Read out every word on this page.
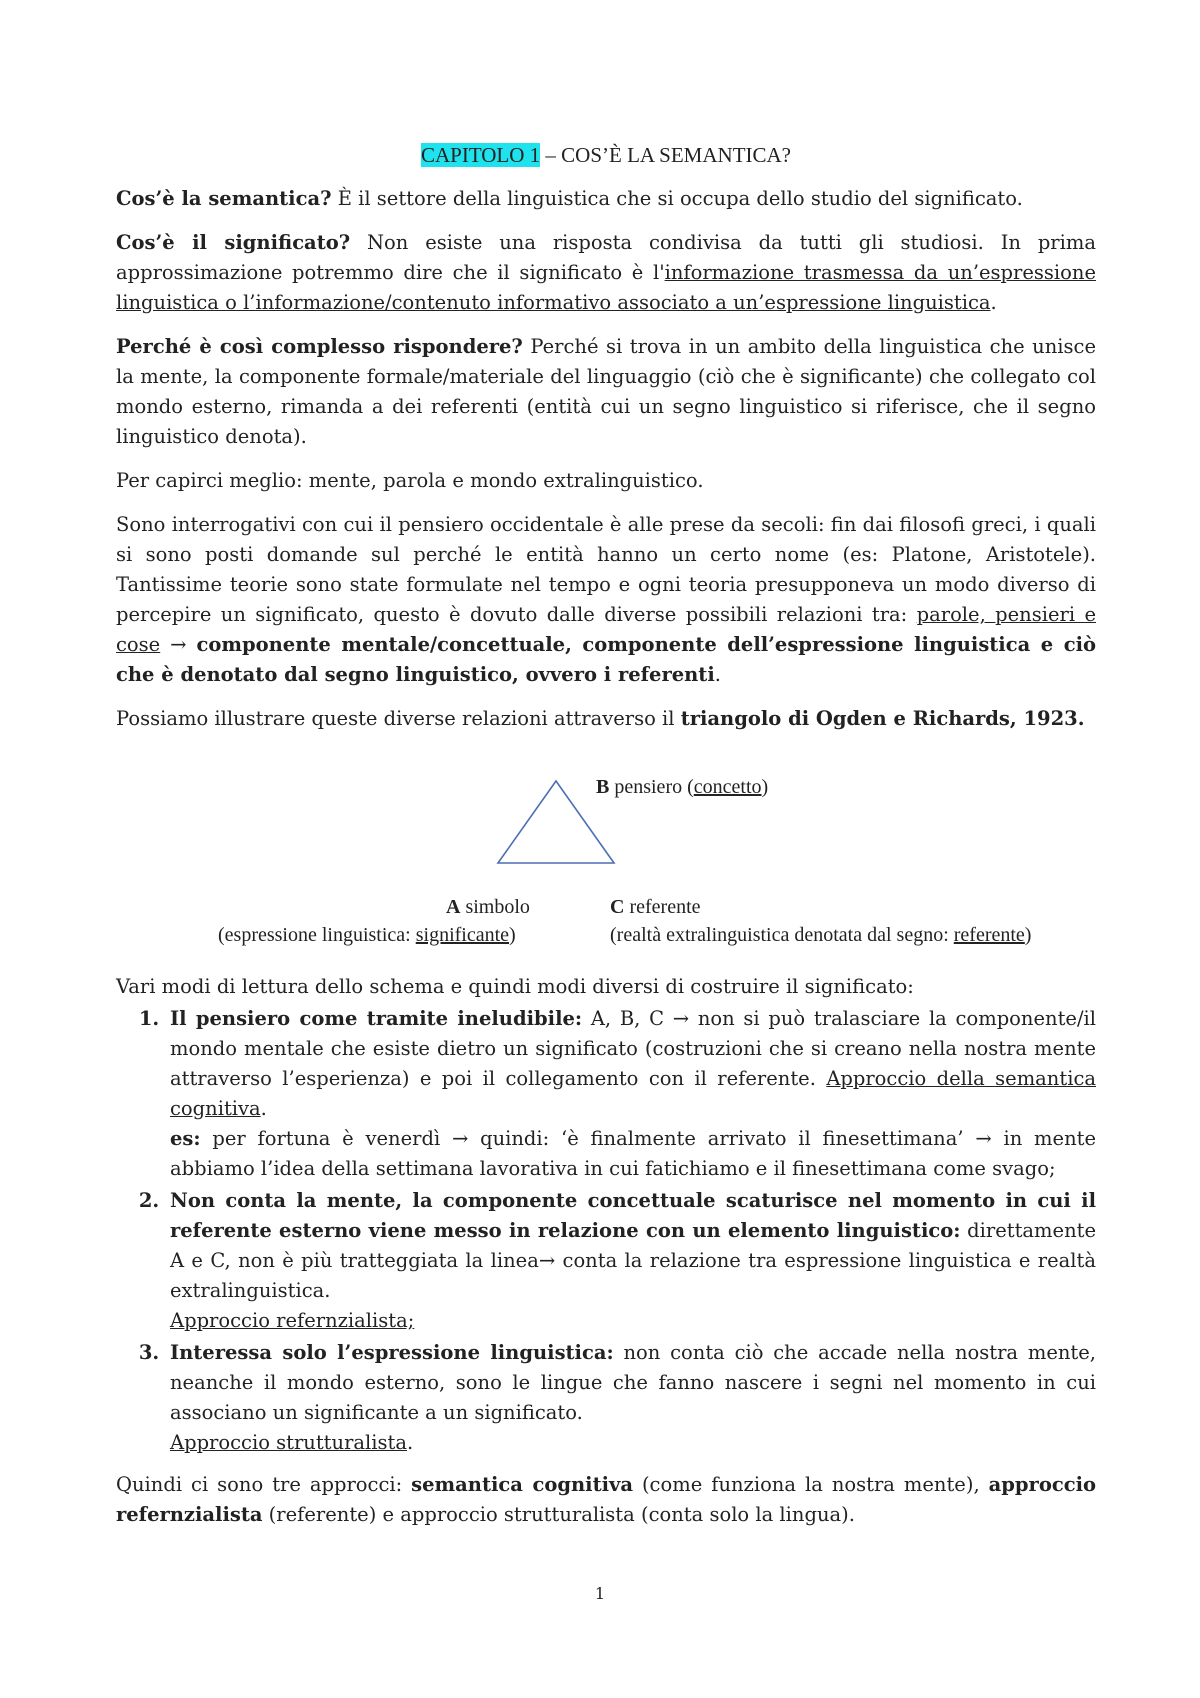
CAPITOLO 1 – COS’È LA SEMANTICA?

Cos’è la semantica? È il settore della linguistica che si occupa dello studio del significato.

Cos’è il significato? Non esiste una risposta condivisa da tutti gli studiosi. In prima approssimazione potremmo dire che il significato è l'informazione trasmessa da un’espressione linguistica o l’informazione/contenuto informativo associato a un’espressione linguistica.

Perché è così complesso rispondere? Perché si trova in un ambito della linguistica che unisce la mente, la componente formale/materiale del linguaggio (ciò che è significante) che collegato col mondo esterno, rimanda a dei referenti (entità cui un segno linguistico si riferisce, che il segno linguistico denota).

Per capirci meglio: mente, parola e mondo extralinguistico.

Sono interrogativi con cui il pensiero occidentale è alle prese da secoli: fin dai filosofi greci, i quali si sono posti domande sul perché le entità hanno un certo nome (es: Platone, Aristotele). Tantissime teorie sono state formulate nel tempo e ogni teoria presupponeva un modo diverso di percepire un significato, questo è dovuto dalle diverse possibili relazioni tra: parole, pensieri e cose → componente mentale/concettuale, componente dell’espressione linguistica e ciò che è denotato dal segno linguistico, ovvero i referenti.

Possiamo illustrare queste diverse relazioni attraverso il triangolo di Ogden e Richards, 1923.

B pensiero (concetto)
A simbolo
(espressione linguistica: significante)
C referente
(realtà extralinguistica denotata dal segno: referente)

Vari modi di lettura dello schema e quindi modi diversi di costruire il significato:

1. Il pensiero come tramite ineludibile: A, B, C → non si può tralasciare la componente/il mondo mentale che esiste dietro un significato (costruzioni che si creano nella nostra mente attraverso l’esperienza) e poi il collegamento con il referente. Approccio della semantica cognitiva.
es: per fortuna è venerdì → quindi: ‘è finalmente arrivato il finesettimana’ → in mente abbiamo l’idea della settimana lavorativa in cui fatichiamo e il finesettimana come svago;
2. Non conta la mente, la componente concettuale scaturisce nel momento in cui il referente esterno viene messo in relazione con un elemento linguistico: direttamente A e C, non è più tratteggiata la linea→ conta la relazione tra espressione linguistica e realtà extralinguistica.
Approccio refernzialista;
3. Interessa solo l’espressione linguistica: non conta ciò che accade nella nostra mente, neanche il mondo esterno, sono le lingue che fanno nascere i segni nel momento in cui associano un significante a un significato.
Approccio strutturalista.

Quindi ci sono tre approcci: semantica cognitiva (come funziona la nostra mente), approccio refernzialista (referente) e approccio strutturalista (conta solo la lingua).

1
